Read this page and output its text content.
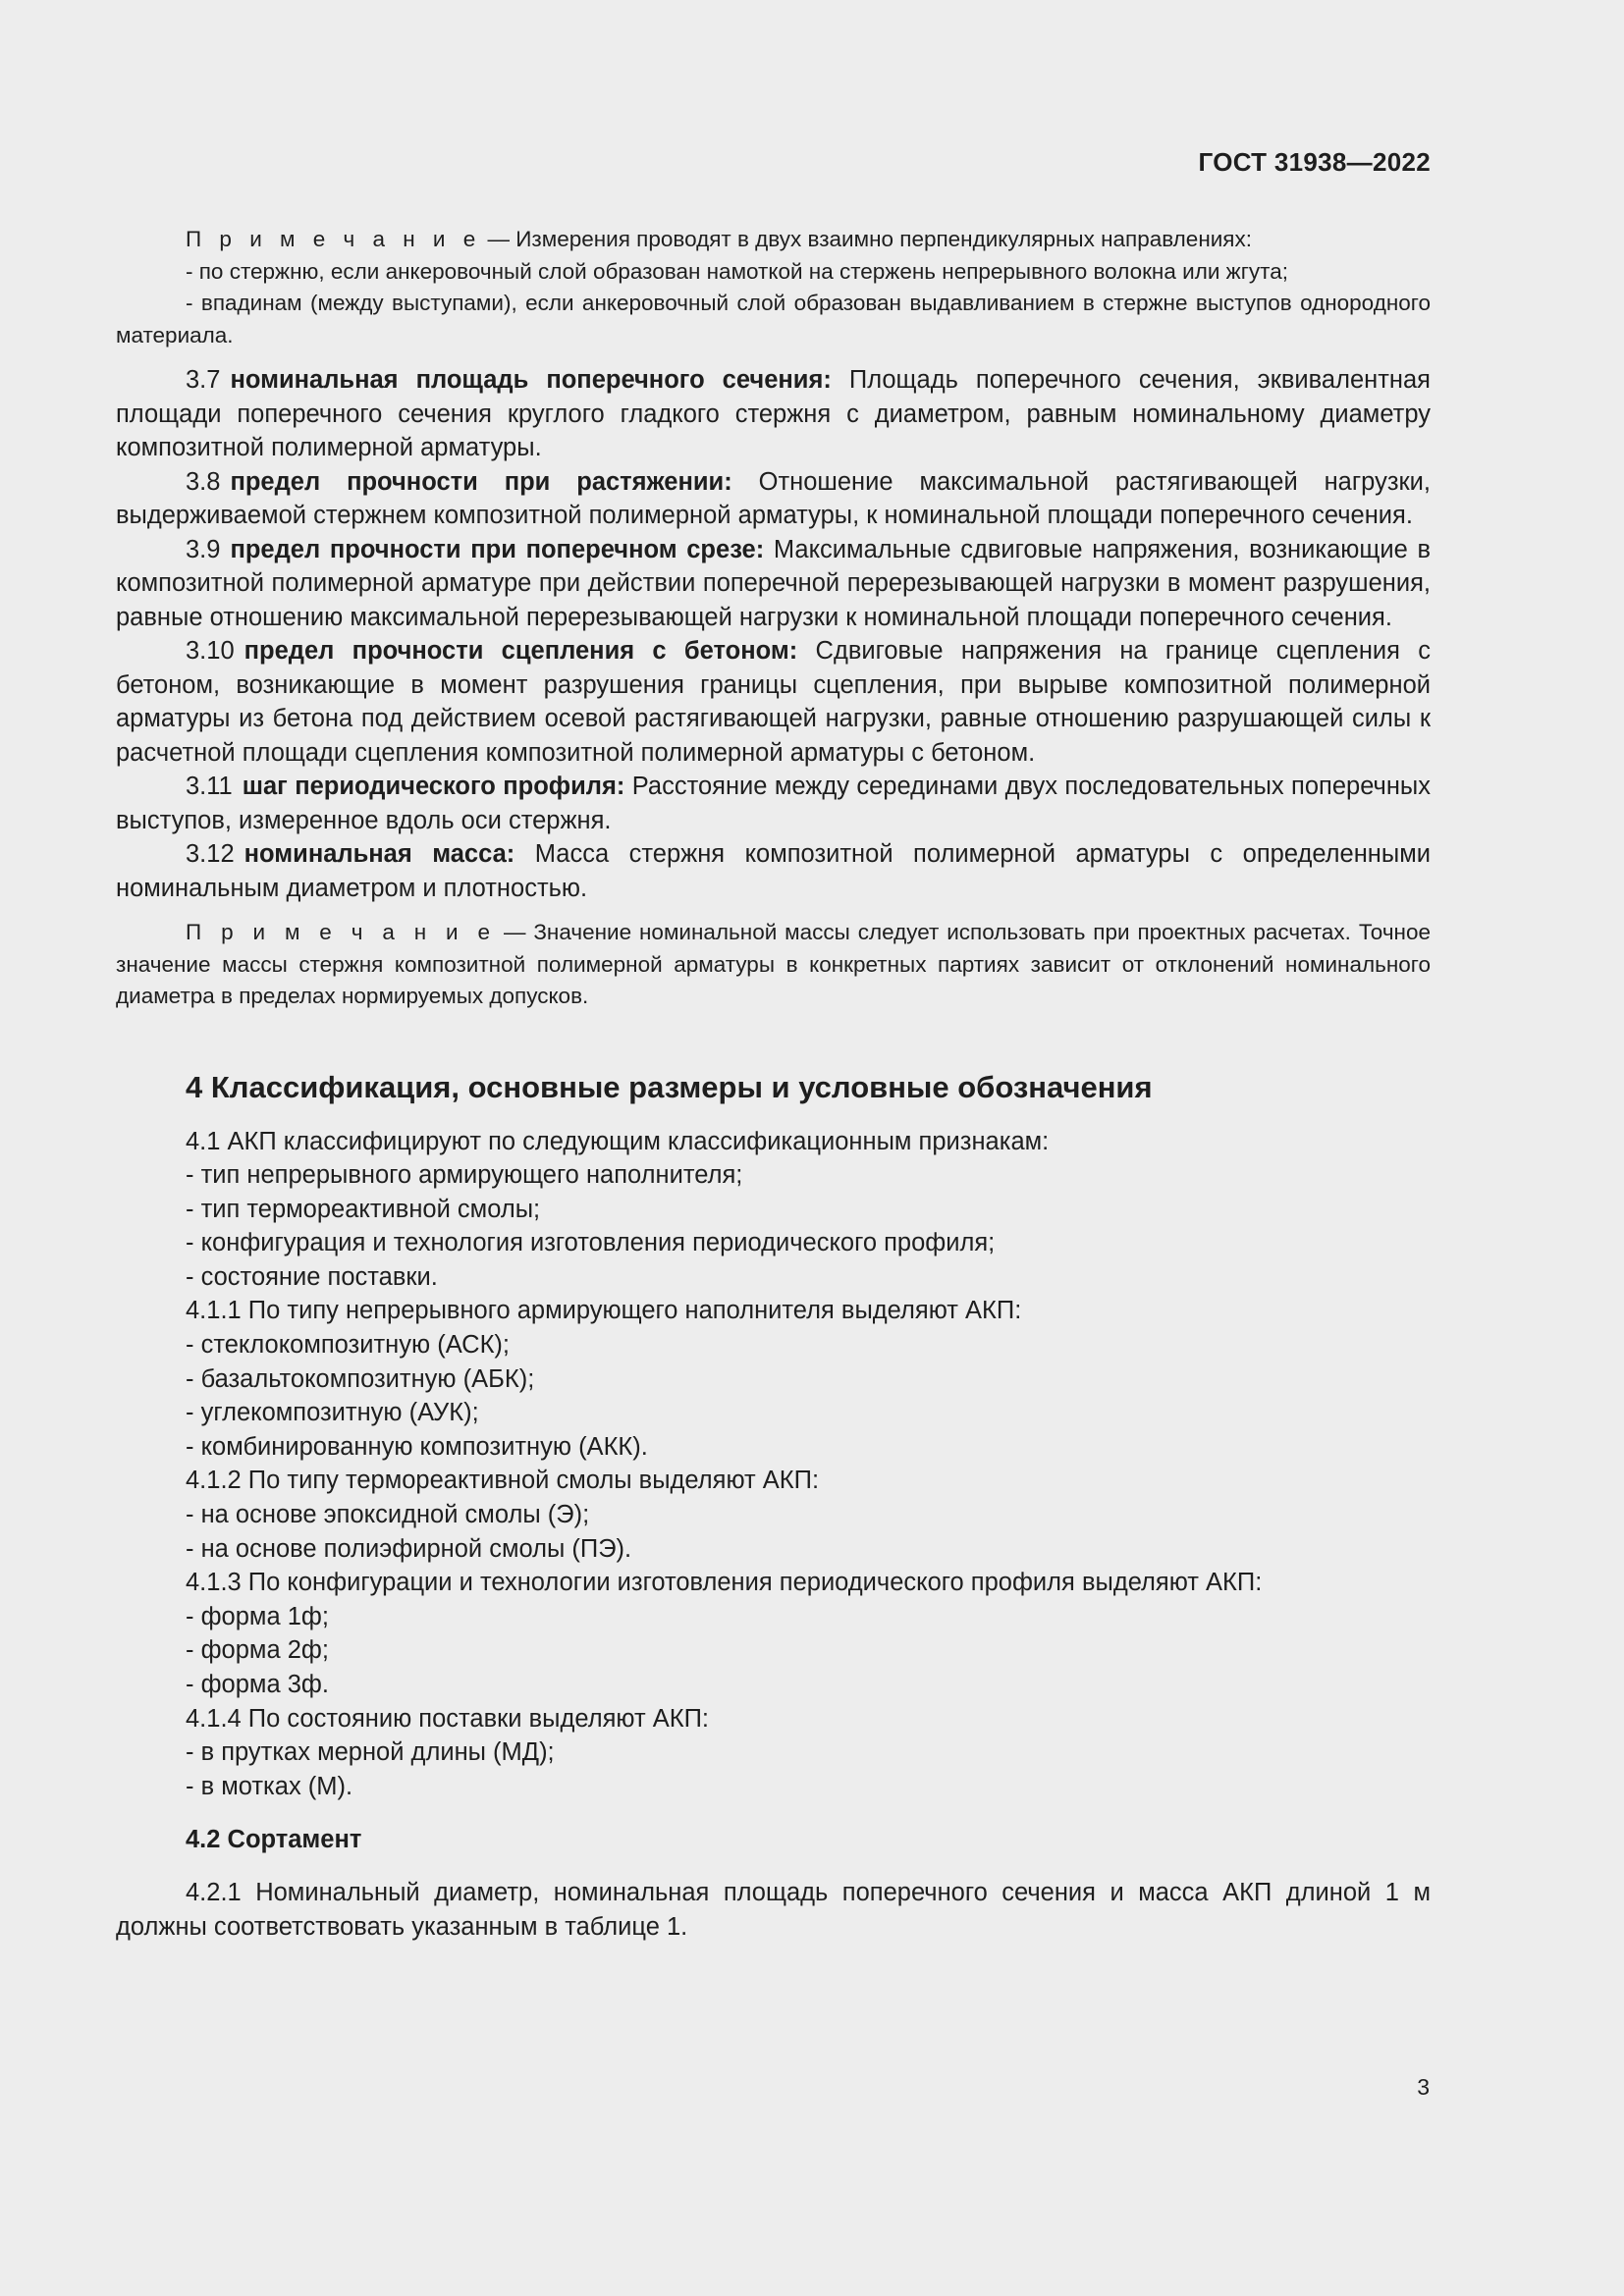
ГОСТ 31938—2022

П р и м е ч а н и е — Измерения проводят в двух взаимно перпендикулярных направлениях:

- по стержню, если анкеровочный слой образован намоткой на стержень непрерывного волокна или жгута;

- впадинам (между выступами), если анкеровочный слой образован выдавливанием в стержне выступов однородного материала.

3.7 номинальная площадь поперечного сечения: Площадь поперечного сечения, эквивалентная площади поперечного сечения круглого гладкого стержня с диаметром, равным номинальному диаметру композитной полимерной арматуры.

3.8 предел прочности при растяжении: Отношение максимальной растягивающей нагрузки, выдерживаемой стержнем композитной полимерной арматуры, к номинальной площади поперечного сечения.

3.9 предел прочности при поперечном срезе: Максимальные сдвиговые напряжения, возникающие в композитной полимерной арматуре при действии поперечной перерезывающей нагрузки в момент разрушения, равные отношению максимальной перерезывающей нагрузки к номинальной площади поперечного сечения.

3.10 предел прочности сцепления с бетоном: Сдвиговые напряжения на границе сцепления с бетоном, возникающие в момент разрушения границы сцепления, при вырыве композитной полимерной арматуры из бетона под действием осевой растягивающей нагрузки, равные отношению разрушающей силы к расчетной площади сцепления композитной полимерной арматуры с бетоном.

3.11 шаг периодического профиля: Расстояние между серединами двух последовательных поперечных выступов, измеренное вдоль оси стержня.

3.12 номинальная масса: Масса стержня композитной полимерной арматуры с определенными номинальным диаметром и плотностью.

П р и м е ч а н и е — Значение номинальной массы следует использовать при проектных расчетах. Точное значение массы стержня композитной полимерной арматуры в конкретных партиях зависит от отклонений номинального диаметра в пределах нормируемых допусков.

4 Классификация, основные размеры и условные обозначения
4.1 АКП классифицируют по следующим классификационным признакам:
- тип непрерывного армирующего наполнителя;
- тип термореактивной смолы;
- конфигурация и технология изготовления периодического профиля;
- состояние поставки.
4.1.1 По типу непрерывного армирующего наполнителя выделяют АКП:
- стеклокомпозитную (АСК);
- базальтокомпозитную (АБК);
- углекомпозитную (АУК);
- комбинированную композитную (АКК).
4.1.2 По типу термореактивной смолы выделяют АКП:
- на основе эпоксидной смолы (Э);
- на основе полиэфирной смолы (ПЭ).
4.1.3 По конфигурации и технологии изготовления периодического профиля выделяют АКП:
- форма 1ф;
- форма 2ф;
- форма 3ф.
4.1.4 По состоянию поставки выделяют АКП:
- в прутках мерной длины (МД);
- в мотках (М).
4.2 Сортамент

4.2.1 Номинальный диаметр, номинальная площадь поперечного сечения и масса АКП длиной 1 м должны соответствовать указанным в таблице 1.

3
